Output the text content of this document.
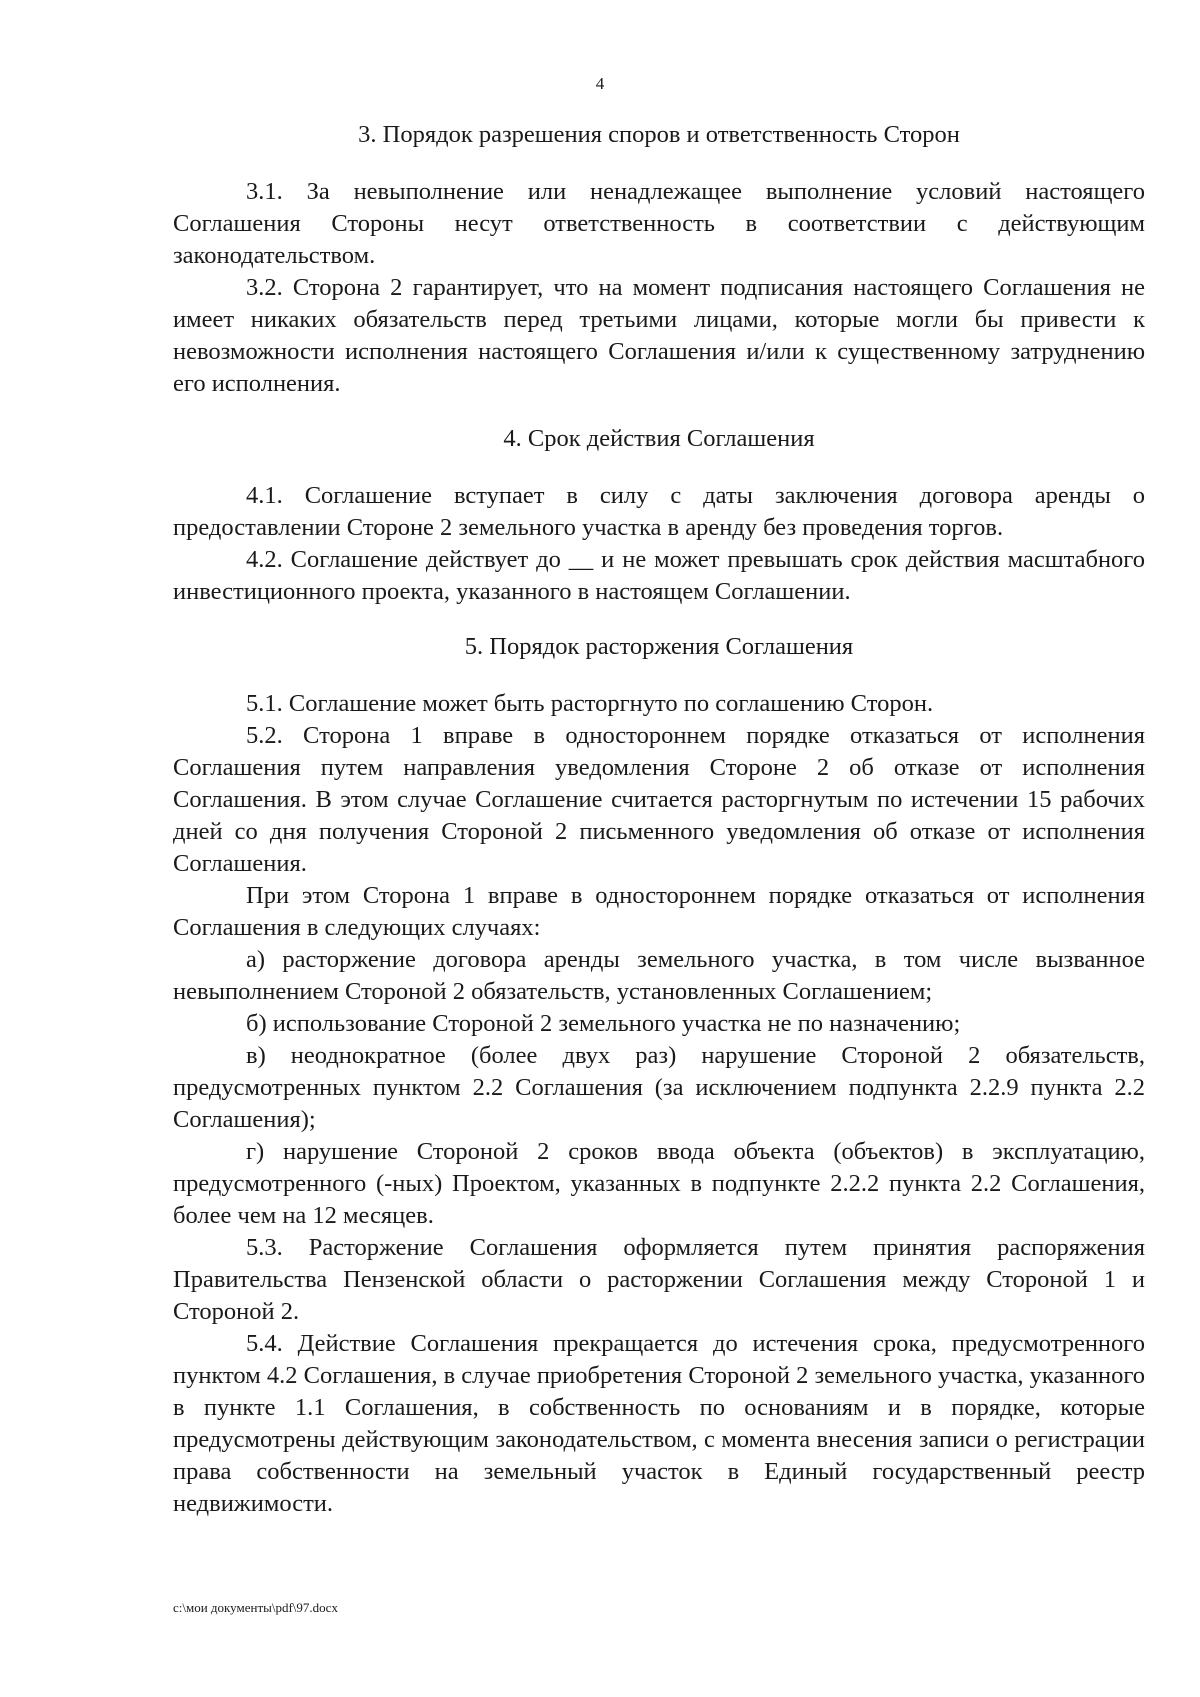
4

3. Порядок разрешения споров и ответственность Сторон

3.1. За невыполнение или ненадлежащее выполнение условий настоящего Соглашения Стороны несут ответственность в соответствии с действующим законодательством.

3.2. Сторона 2 гарантирует, что на момент подписания настоящего Соглашения не имеет никаких обязательств перед третьими лицами, которые могли бы привести к невозможности исполнения настоящего Соглашения и/или к существенному затруднению его исполнения.

4. Срок действия Соглашения

4.1. Соглашение вступает в силу с даты заключения договора аренды о предоставлении Стороне 2 земельного участка в аренду без проведения торгов.

4.2. Соглашение действует до __ и не может превышать срок действия масштабного инвестиционного проекта, указанного в настоящем Соглашении.

5. Порядок расторжения Соглашения

5.1. Соглашение может быть расторгнуто по соглашению Сторон.

5.2. Сторона 1 вправе в одностороннем порядке отказаться от исполнения Соглашения путем направления уведомления Стороне 2 об отказе от исполнения Соглашения. В этом случае Соглашение считается расторгнутым по истечении 15 рабочих дней со дня получения Стороной 2 письменного уведомления об отказе от исполнения Соглашения.

При этом Сторона 1 вправе в одностороннем порядке отказаться от исполнения Соглашения в следующих случаях:

а) расторжение договора аренды земельного участка, в том числе вызванное невыполнением Стороной 2 обязательств, установленных Соглашением;

б) использование Стороной 2 земельного участка не по назначению;

в) неоднократное (более двух раз) нарушение Стороной 2 обязательств, предусмотренных пунктом 2.2 Соглашения (за исключением подпункта 2.2.9 пункта 2.2 Соглашения);

г) нарушение Стороной 2 сроков ввода объекта (объектов) в эксплуатацию, предусмотренного (-ных) Проектом, указанных в подпункте 2.2.2 пункта 2.2 Соглашения, более чем на 12 месяцев.

5.3. Расторжение Соглашения оформляется путем принятия распоряжения Правительства Пензенской области о расторжении Соглашения между Стороной 1 и Стороной 2.

5.4. Действие Соглашения прекращается до истечения срока, предусмотренного пунктом 4.2 Соглашения, в случае приобретения Стороной 2 земельного участка, указанного в пункте 1.1 Соглашения, в собственность по основаниям и в порядке, которые предусмотрены действующим законодательством, с момента внесения записи о регистрации права собственности на земельный участок в Единый государственный реестр недвижимости.

c:\мои документы\pdf\97.docx
